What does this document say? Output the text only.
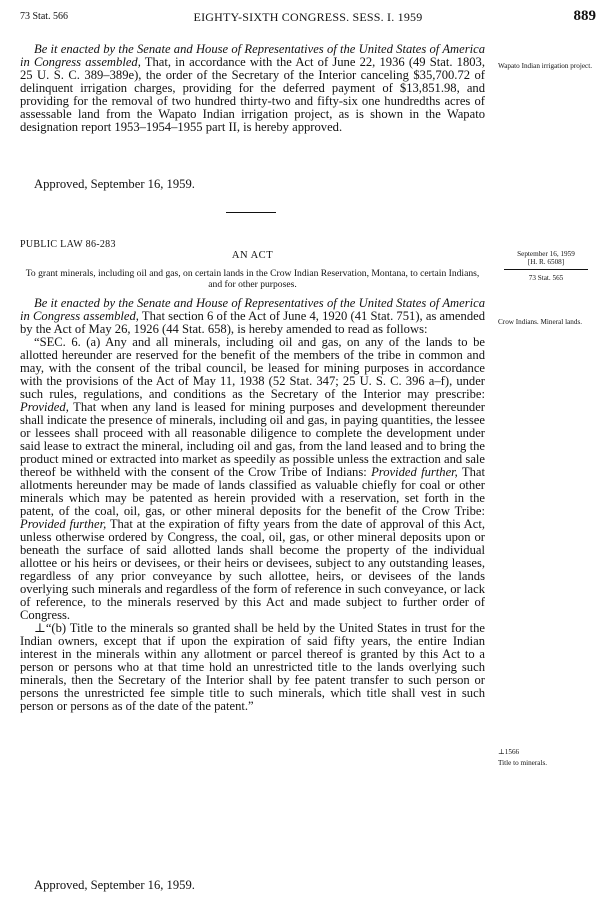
73 Stat. 566	EIGHTY-SIXTH CONGRESS. SESS. I. 1959	889

Be it enacted by the Senate and House of Representatives of the United States of America in Congress assembled, That, in accordance with the Act of June 22, 1936 (49 Stat. 1803, 25 U. S. C. 389–389e), the order of the Secretary of the Interior canceling $35,700.72 of delinquent irrigation charges, providing for the deferred payment of $13,851.98, and providing for the removal of two hundred thirty-two and fifty-six one hundredths acres of assessable land from the Wapato Indian irrigation project, as is shown in the Wapato designation report 1953–1954–1955 part II, is hereby approved.

Approved, September 16, 1959.
Wapato Indian irrigation project.
PUBLIC LAW 86-283
AN ACT
To grant minerals, including oil and gas, on certain lands in the Crow Indian Reservation, Montana, to certain Indians, and for other purposes.
September 16, 1959
[H. R. 6508]
73 Stat. 565

Be it enacted by the Senate and House of Representatives of the United States of America in Congress assembled, That section 6 of the Act of June 4, 1920 (41 Stat. 751), as amended by the Act of May 26, 1926 (44 Stat. 658), is hereby amended to read as follows:

“SEC. 6. (a) Any and all minerals, including oil and gas, on any of the lands to be allotted hereunder are reserved for the benefit of the members of the tribe in common and may, with the consent of the tribal council, be leased for mining purposes in accordance with the provisions of the Act of May 11, 1938 (52 Stat. 347; 25 U. S. C. 396 a–f), under such rules, regulations, and conditions as the Secretary of the Interior may prescribe: Provided, That when any land is leased for mining purposes and development thereunder shall indicate the presence of minerals, including oil and gas, in paying quantities, the lessee or lessees shall proceed with all reasonable diligence to complete the development under said lease to extract the mineral, including oil and gas, from the land leased and to bring the product mined or extracted into market as speedily as possible unless the extraction and sale thereof be withheld with the consent of the Crow Tribe of Indians: Provided further, That allotments hereunder may be made of lands classified as valuable chiefly for coal or other minerals which may be patented as herein provided with a reservation, set forth in the patent, of the coal, oil, gas, or other mineral deposits for the benefit of the Crow Tribe: Provided further, That at the expiration of fifty years from the date of approval of this Act, unless otherwise ordered by Congress, the coal, oil, gas, or other mineral deposits upon or beneath the surface of said allotted lands shall become the property of the individual allottee or his heirs or devisees, or their heirs or devisees, subject to any outstanding leases, regardless of any prior conveyance by such allottee, heirs, or devisees of the lands overlying such minerals and regardless of the form of reference in such conveyance, or lack of reference, to the minerals reserved by this Act and made subject to further order of Congress.

⊥“(b) Title to the minerals so granted shall be held by the United States in trust for the Indian owners, except that if upon the expiration of said fifty years, the entire Indian interest in the minerals within any allotment or parcel thereof is granted by this Act to a person or persons who at that time hold an unrestricted title to the lands overlying such minerals, then the Secretary of the Interior shall by fee patent transfer to such person or persons the unrestricted fee simple title to such minerals, which title shall vest in such person or persons as of the date of the patent.”

Approved, September 16, 1959.
Crow Indians. Mineral lands.
⊥1566
Title to minerals.
